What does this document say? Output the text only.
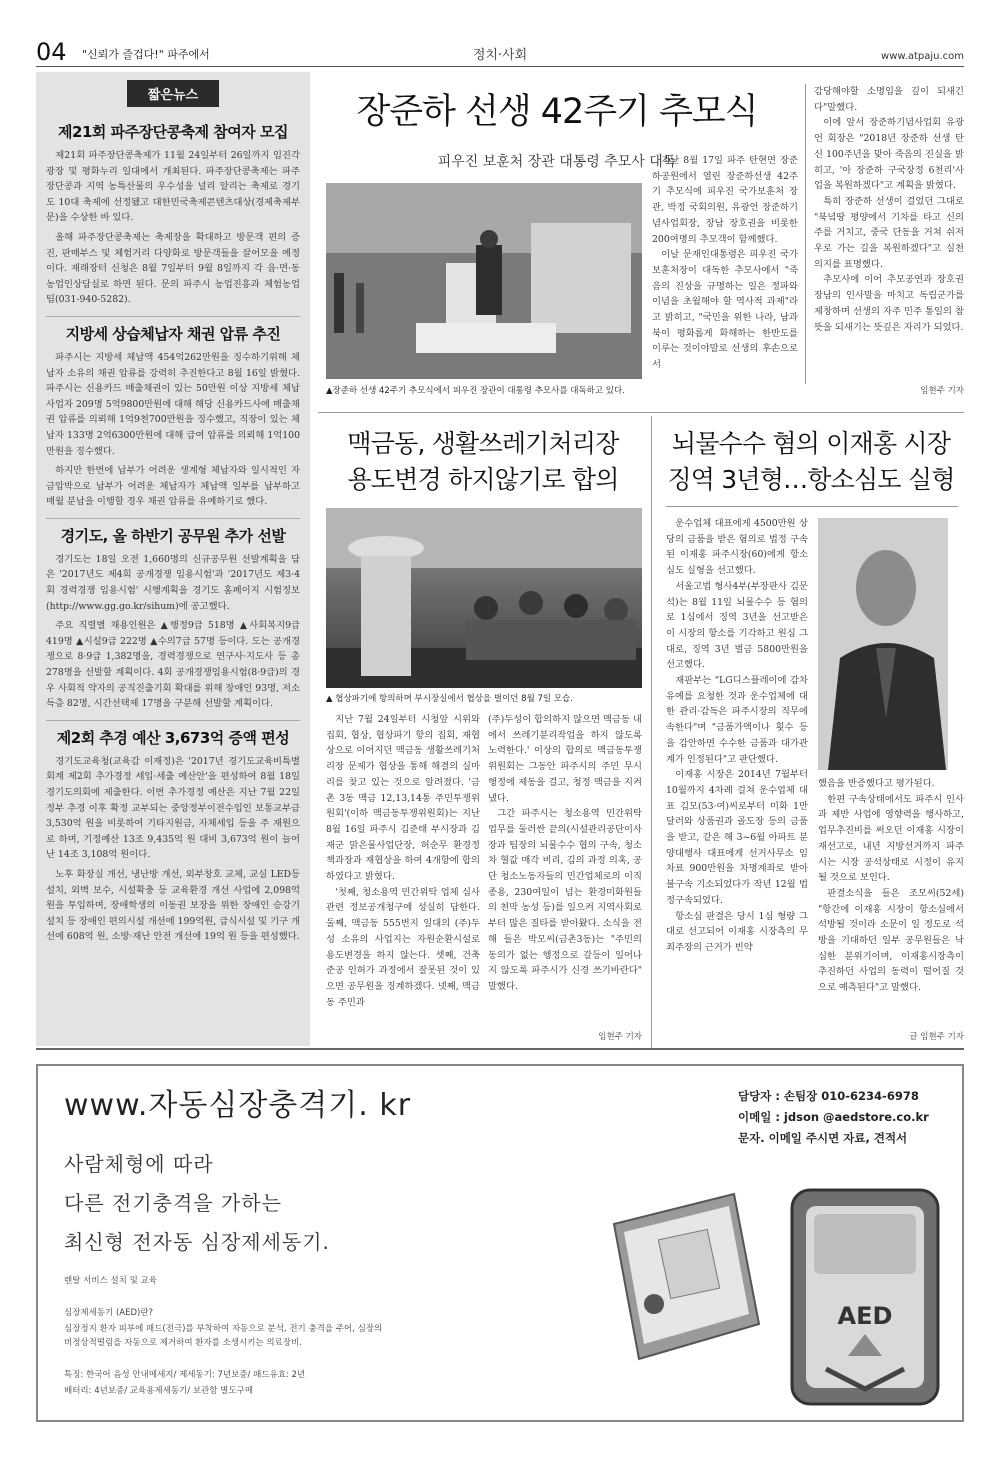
04 "신뢰가 즐겁다!" 파주에서	정치·사회	www.atpaju.com
짧은뉴스
제21회 파주장단콩축제 참여자 모집

제21회 파주장단콩축제가 11월 24일부터 26일까지 임진각 광장 및 평화누리 일대에서 개최된다. 파주장단콩축제는 파주장단콩과 지역 농특산물의 우수성을 널리 알리는 축제로 경기도 10대 축제에 선정됐고 대한민국축제콘텐츠대상(경제축제부문)을 수상한 바 있다.

올해 파주장단콩축제는 축제장을 확대하고 방문객 편의 증진, 판매부스 및 체험거리 다양화로 방문객들을 끌어모을 예정이다. 재래장터 신청은 8월 7일부터 9월 8일까지 각 읍·면·동 농업인상담실로 하면 된다. 문의 파주시 농업진흥과 체험농업팀(031-940-5282).

지방세 상습체납자 채권 압류 추진

파주시는 지방세 체납액 454억262만원을 징수하기위해 체납자 소유의 채권 압류를 강력히 추진한다고 8월 16일 밝혔다. 파주시는 신용카드 매출채권이 있는 50만원 이상 지방세 체납사업자 209명 5억9800만원에 대해 해당 신용카드사에 매출채권 압류를 의뢰해 1억9천700만원을 징수했고, 직장이 있는 체납자 133명 2억6300만원에 대해 급여 압류를 의뢰해 1억100만원을 징수했다.

하지만 한번에 납부가 어려운 생계형 체납자와 일시적인 자금압박으로 납부가 어려운 체납자가 체납액 일부를 납부하고 매월 분납을 이행할 경우 채권 압류를 유예하기로 했다.

경기도, 올 하반기 공무원 추가 선발

경기도는 18일 오전 1,660명의 신규공무원 선발계획을 담은 '2017년도 제4회 공개경쟁 임용시험'과 '2017년도 제3·4회 경력경쟁 임용시험' 시행계획을 경기도 홈페이지 시험정보(http://www.gg.go.kr/sihum)에 공고했다.

주요 직렬별 채용인원은 ▲행정9급 518명 ▲사회복지9급 419명 ▲시설9급 222명 ▲수의7급 57명 등이다. 도는 공개경쟁으로 8·9급 1,382명을, 경력경쟁으로 연구사·지도사 등 총 278명을 선발할 계획이다. 4회 공개경쟁임용시험(8·9급)의 경우 사회적 약자의 공직진출기회 확대를 위해 장애인 93명, 저소득층 82명, 시간선택제 17명을 구분해 선발할 계획이다.

제2회 추경 예산 3,673억 증액 편성

경기도교육청(교육감 이재정)은 '2017년 경기도교육비특별회계 제2회 추가경정 세입·세출 예산안'을 편성하여 8월 18일 경기도의회에 제출한다. 이번 추가경정 예산은 지난 7월 22일 정부 추경 이후 확정 교부되는 중앙정부이전수입인 보통교부금 3,530억 원을 비롯하여 기타지원금, 자체세입 등을 주 재원으로 하며, 기정예산 13조 9,435억 원 대비 3,673억 원이 늘어난 14조 3,108억 원이다.

노후 화장실 개선, 냉난방 개선, 외부창호 교체, 교실 LED등 설치, 외벽 보수, 시설확충 등 교육환경 개선 사업에 2,098억 원을 투입하며, 장애학생의 이동권 보장을 위한 장애인 승강기 설치 등 장애인 편의시설 개선에 199억원, 급식시설 및 기구 개선에 608억 원, 소방·재난 안전 개선에 19억 원 등을 편성했다.

장준하 선생 42주기 추모식
피우진 보훈처 장관 대통령 추모사 대독
▲장준하 선생 42주기 추모식에서 피우진 장관이 대통령 추모사를 대독하고 있다.

지난 8월 17일 파주 탄현면 장준하공원에서 열린 장준하선생 42주기 추모식에 피우진 국가보훈처 장관, 박정 국회의원, 유광언 장준하기념사업회장, 장남 장호권을 비롯한 200여명의 추모객이 함께했다.

이날 문재인대통령은 피우진 국가보훈처장이 대독한 추모사에서 "죽음의 진상을 규명하는 일은 정파와 이념을 초월해야 할 역사적 과제"라고 밝히고, "국민을 위한 나라, 남과 북이 평화롭게 화해하는 한반도를 이루는 것이야말로 선생의 후손으로서

감당해야할 소명임을 깊이 되새긴다"말했다.

이에 앞서 장준하기념사업회 유광언 회장은 "2018년 장준하 선생 탄신 100주년을 맞아 죽음의 진실을 밝히고, '아 장준하 구국장정 6천리'사업을 복원하겠다"고 계획을 밝혔다.

특히 장준하 선생이 걸었던 그대로 "북녘땅 평양에서 기차를 타고 신의주를 거치고, 중국 단동을 거쳐 쉬저우로 가는 길을 복원하겠다"고 실천의지를 표명했다.

추모사에 이어 추모공연과 장호권 장남의 인사말을 마치고 독립군가를 제창하며 선생의 자주 민주 통일의 참뜻을 되새기는 뜻깊은 자리가 되었다.

임현주 기자
맥금동, 생활쓰레기처리장
용도변경 하지않기로 합의
▲ 협상파기에 항의하며 부시장실에서 협상을 벌이던 8월 7일 모습.

지난 7월 24일부터 시청앞 시위와 집회, 협상, 협상파기 항의 집회, 재협상으로 이어지던 맥금동 생활쓰레기처리장 문제가 협상을 통해 해결의 실마리를 찾고 있는 것으로 알려졌다. '금촌 3동 맥금 12,13,14통 주민투쟁위원회'(이하 맥금동투쟁위원회)는 지난 8월 16일 파주시 김준태 부시장과 김재군 맑은물사업단장, 허순무 환경정책과장과 재협상을 하여 4개항에 합의하였다고 밝혔다.

'첫째, 청소용역 민간위탁 업체 심사 관련 정보공개청구에 성실히 답한다. 둘째, 맥금동 555번지 일대의 (주)두성 소유의 사업지는 자원순환시설로 용도변경을 하지 않는다. 셋째, 건축 준공 인허가 과정에서 잘못된 것이 있으면 공무원을 징계하겠다. 넷째, 맥금동 주민과

(주)두성이 합의하지 않으면 맥금동 내에서 쓰레기분리작업을 하지 않도록 노력한다.' 이상의 합의로 맥금동투쟁위원회는 그동안 파주시의 주민 무시 행정에 제동을 걸고, 청정 맥금을 지켜냈다.

그간 파주시는 청소용역 민간위탁 업무를 둘러싼 끝의(시설관리공단이사장과 팀장의 뇌물수수 협의 구속, 청소차 혈값 매각 비리, 김의 과정 의혹, 공단 청소노동자들의 민간업체로의 이직 종용, 230여일이 넘는 환경미화원들의 천막 농성 등)를 일으켜 지역사회로부터 많은 질타를 받아왔다. 소식을 전해 들은 박모씨(금촌3동)는 "주민의 동의가 없는 행정으로 갈등이 일어나지 않도록 파주시가 신경 쓰기바란다" 말했다.

임현주 기자
뇌물수수 혐의 이재홍 시장
징역 3년형…항소심도 실형

운수업체 대표에게 4500만원 상당의 금품을 받은 혐의로 법정 구속된 이재홍 파주시장(60)에게 항소심도 실형을 선고했다.

서울고법 형사4부(부장판사 김문석)는 8월 11일 뇌물수수 등 혐의로 1심에서 징역 3년을 선고받은 이 시장의 항소를 기각하고 원심 그대로, 징역 3년 벌금 5800만원을 선고했다.

재판부는 "LG디스플레이에 감차 유예를 요청한 것과 운수업체에 대한 관리·감독은 파주시장의 직무에 속한다"며 "금품가액이나 횟수 등을 감안하면 수수한 금품과 대가관계가 인정된다"고 판단했다.

이재홍 시장은 2014년 7월부터 10월까지 4차례 걸쳐 운수업체 대표 김모(53·여)씨로부터 미화 1만 달러와 상품권과 골도장 등의 금품을 받고, 같은 해 3~6월 아파트 분양대행사 대표에게 선거사무소 임차료 900만원을 차명계좌로 받아 불구속 기소되었다가 작년 12월 법정구속되었다.

항소심 판결은 당시 1심 형량 그대로 선고되어 이재홍 시장측의 무죄주장의 근거가 빈약

했음을 반증했다고 평가된다.

한편 구속상태에서도 파주시 인사과 제반 사업에 영향력을 행사하고, 업무추진비를 써오던 이재홍 시장이 재선고로, 내년 지방선거까지 파주시는 시장 공석상태로 시정이 유지될 것으로 보인다.

판결소식을 들은 조모씨(52세) "항간에 이재홍 시장이 항소심에서 석방될 것이라 소문이 일 정도로 석방을 기대하던 일부 공무원들은 낙심한 분위기이며, 이재홍시장측이 추진하던 사업의 동력이 떨어질 것으로 예측된다"고 말했다.

글 임현주 기자
www.자동심장충격기. kr	담당자 : 손팀장 010-6234-6978
이메일 : jdson @aedstore.co.kr
문자. 이메일 주시면 자료, 견적서
사람체형에 따라
다른 전기충격을 가하는
최신형 전자동 심장제세동기.
렌탈 서비스 설치 및 교육
심장제세동기 (AED)란?
심장정지 환자 피부에 패드(전극)를 부착하여 자동으로 분석, 전기 충격을 주어, 심장의
비정상적떨림을 자동으로 제거하여 환자를 소생시키는 의료장비.
특징: 한국어 음성 안내메세지/ 제세동기: 7년보증/ 패드유효: 2년
배터리: 4년보증/ 교육용제세동기/ 보관함 별도구매
AED
